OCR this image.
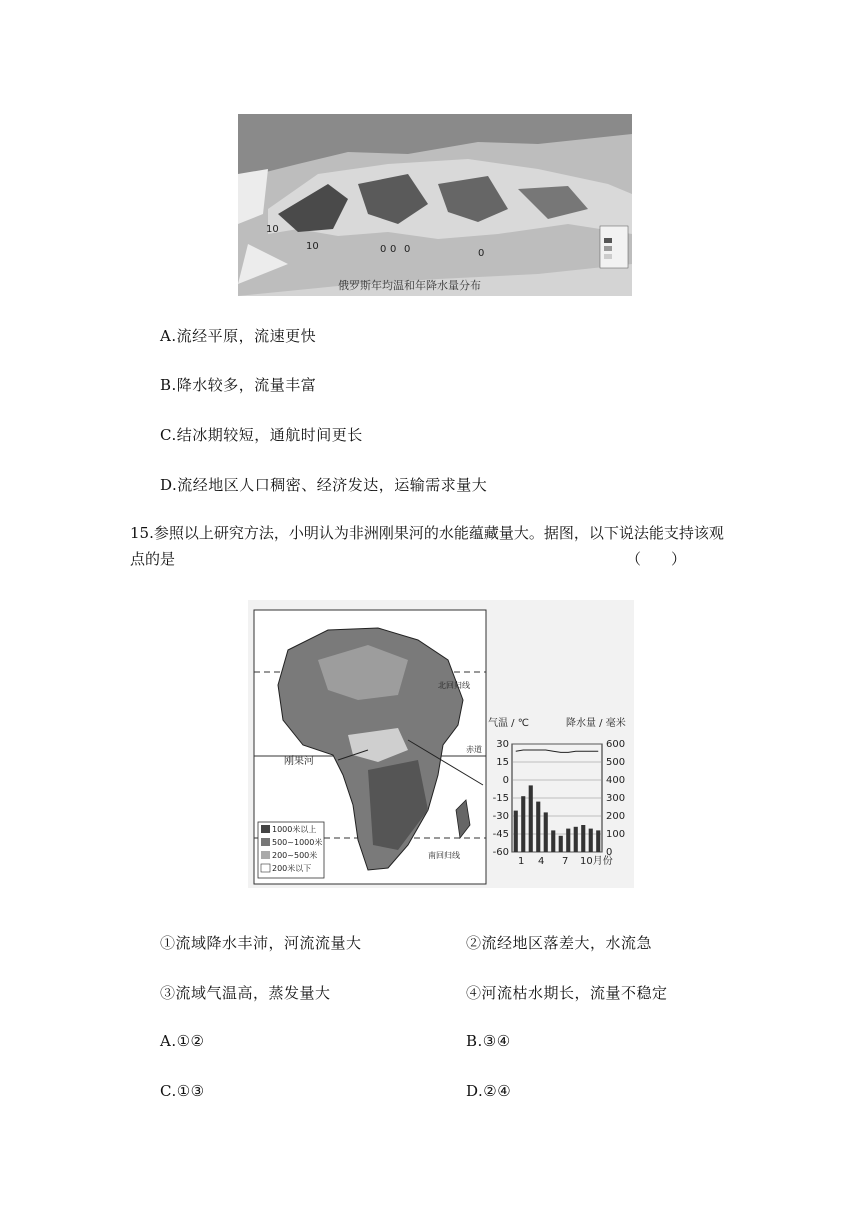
10
10	0 0 0	0
俄罗斯年均温和年降水量分布
A.流经平原，流速更快
B.降水较多，流量丰富
C.结冰期较短，通航时间更长
D.流经地区人口稠密、经济发达，运输需求量大
15.参照以上研究方法，小明认为非洲刚果河的水能蕴藏量大。据图，以下说法能支持该观
点的是	（　　）
1000米以上
500~1000米
200~500米
200米以下
北回归线
赤道
刚果河
南回归线
气温 / ℃	降水量 / 毫米
1 4 7 10月份
30
15
0
-15
-30
-45
-60
600
500
400
300
200
100
0
①流域降水丰沛，河流流量大	②流经地区落差大，水流急
③流域气温高，蒸发量大	④河流枯水期长，流量不稳定
A.①②	B.③④
C.①③	D.②④
